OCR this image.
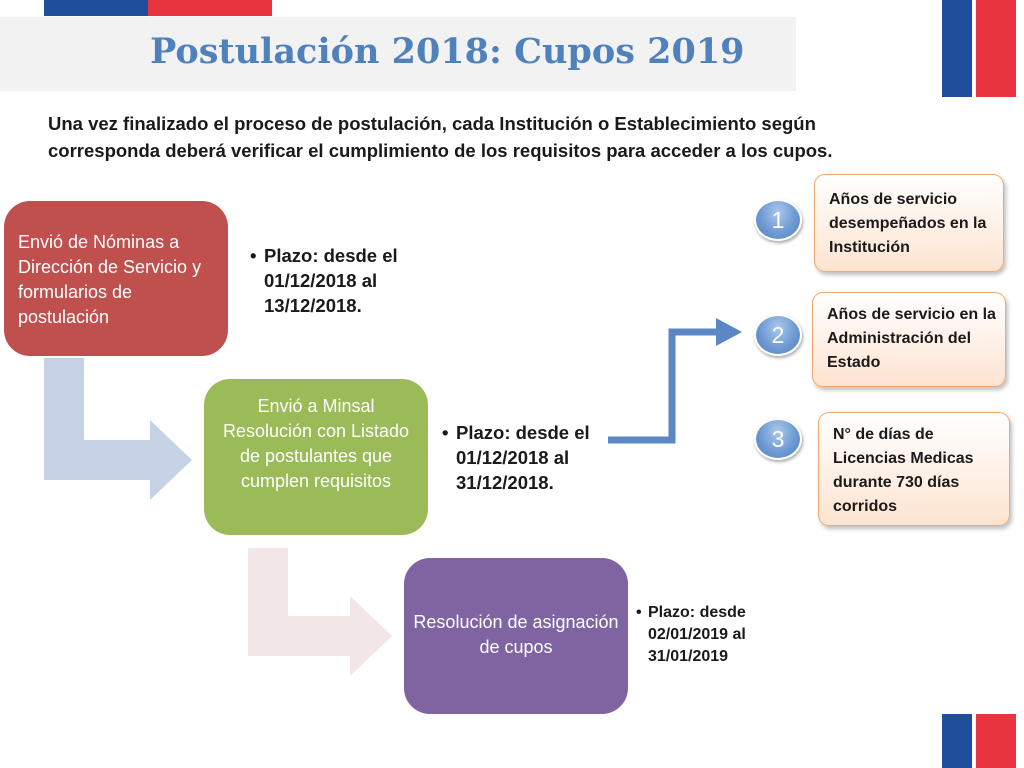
Postulación 2018: Cupos 2019
Una vez finalizado el proceso de postulación, cada Institución o Establecimiento según corresponda deberá verificar el cumplimiento de los requisitos para acceder a los cupos.
Envió de Nóminas a Dirección de Servicio y formularios de postulación
Envió a Minsal Resolución con Listado de postulantes que cumplen requisitos
Resolución de asignación de cupos
• Plazo: desde el 01/12/2018 al 13/12/2018.
• Plazo: desde el 01/12/2018 al 31/12/2018.
• Plazo: desde 02/01/2019 al 31/01/2019
1
2
3
Años de servicio desempeñados en la Institución
Años de servicio en la Administración del Estado
N° de días de Licencias Medicas durante 730 días corridos
